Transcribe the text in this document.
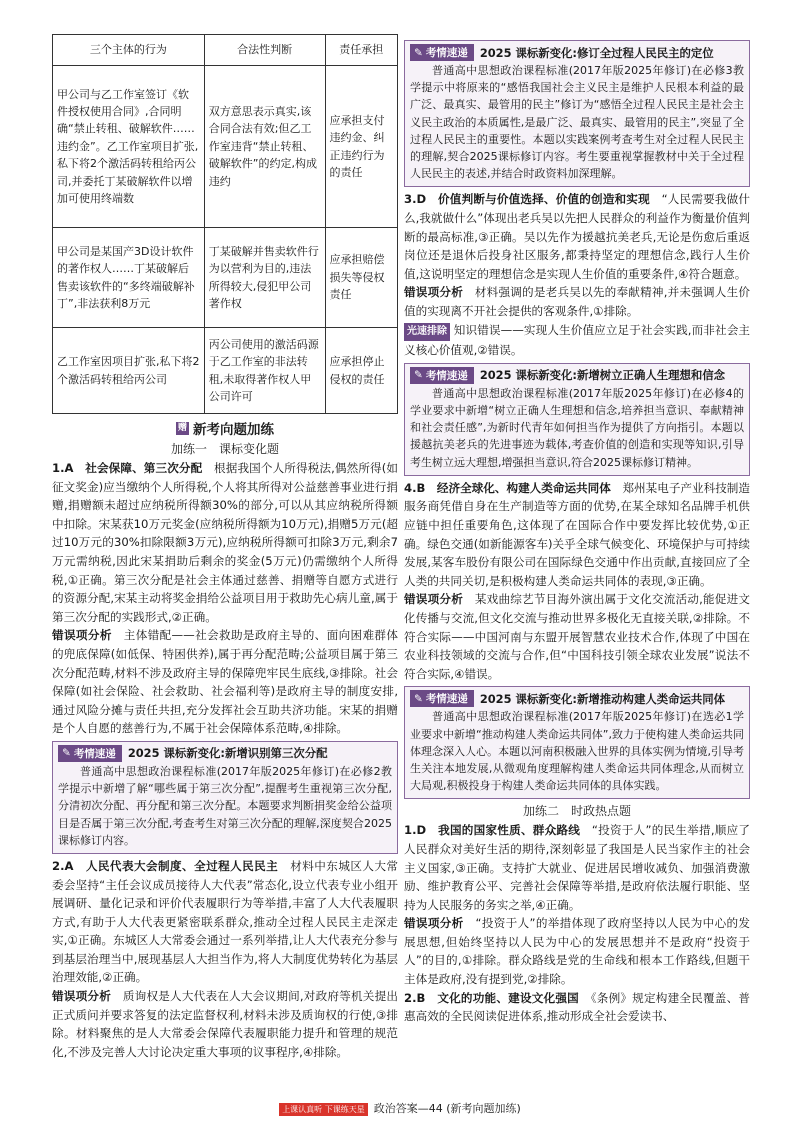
三个主体的行为	合法性判断	责任承担
甲公司与乙工作室签订《软件授权使用合同》,合同明确“禁止转租、破解软件……违约金”。乙工作室项目扩张,私下将2个激活码转租给丙公司,并委托丁某破解软件以增加可使用终端数	双方意思表示真实,该合同合法有效;但乙工作室违背“禁止转租、破解软件”的约定,构成违约	应承担支付违约金、纠正违约行为的责任
甲公司是某国产3D设计软件的著作权人……丁某破解后售卖该软件的“多终端破解补丁”,非法获利8万元	丁某破解并售卖软件行为以营利为目的,违法所得较大,侵犯甲公司著作权	应承担赔偿损失等侵权责任
乙工作室因项目扩张,私下将2个激活码转租给丙公司	丙公司使用的激活码源于乙工作室的非法转租,未取得著作权人甲公司许可	应承担停止侵权的责任
赠 新考向题加练
加练一　课标变化题

1.A　社会保障、第三次分配　根据我国个人所得税法,偶然所得(如征文奖金)应当缴纳个人所得税,个人将其所得对公益慈善事业进行捐赠,捐赠额未超过应纳税所得额30%的部分,可以从其应纳税所得额中扣除。宋某获10万元奖金(应纳税所得额为10万元),捐赠5万元(超过10万元的30%扣除限额3万元),应纳税所得额可扣除3万元,剩余7万元需纳税,因此宋某捐助后剩余的奖金(5万元)仍需缴纳个人所得税,①正确。第三次分配是社会主体通过慈善、捐赠等自愿方式进行的资源分配,宋某主动将奖金捐给公益项目用于救助先心病儿童,属于第三次分配的实践形式,②正确。

错误项分析　主体错配——社会救助是政府主导的、面向困难群体的兜底保障(如低保、特困供养),属于再分配范畴;公益项目属于第三次分配范畴,材料不涉及政府主导的保障兜牢民生底线,③排除。社会保障(如社会保险、社会救助、社会福利等)是政府主导的制度安排,通过风险分摊与责任共担,充分发挥社会互助共济功能。宋某的捐赠是个人自愿的慈善行为,不属于社会保障体系范畴,④排除。

✎ 考情速递 2025 课标新变化:新增识别第三次分配

普通高中思想政治课程标准(2017年版2025年修订)在必修2教学提示中新增了解“哪些属于第三次分配”,提醒考生重视第三次分配,分清初次分配、再分配和第三次分配。本题要求判断捐奖金给公益项目是否属于第三次分配,考查考生对第三次分配的理解,深度契合2025课标修订内容。

2.A　人民代表大会制度、全过程人民民主　材料中东城区人大常委会坚持“主任会议成员接待人大代表”常态化,设立代表专业小组开展调研、量化记录和评价代表履职行为等举措,丰富了人大代表履职方式,有助于人大代表更紧密联系群众,推动全过程人民民主走深走实,①正确。东城区人大常委会通过一系列举措,让人大代表充分参与到基层治理当中,展现基层人大担当作为,将人大制度优势转化为基层治理效能,②正确。

错误项分析　质询权是人大代表在人大会议期间,对政府等机关提出正式质问并要求答复的法定监督权利,材料未涉及质询权的行使,③排除。材料聚焦的是人大常委会保障代表履职能力提升和管理的规范化,不涉及完善人大讨论决定重大事项的议事程序,④排除。

✎ 考情速递 2025 课标新变化:修订全过程人民民主的定位

普通高中思想政治课程标准(2017年版2025年修订)在必修3教学提示中将原来的“感悟我国社会主义民主是维护人民根本利益的最广泛、最真实、最管用的民主”修订为“感悟全过程人民民主是社会主义民主政治的本质属性,是最广泛、最真实、最管用的民主”,突显了全过程人民民主的重要性。本题以实践案例考查考生对全过程人民民主的理解,契合2025课标修订内容。考生要重视掌握教材中关于全过程人民民主的表述,并结合时政资料加深理解。

3.D　价值判断与价值选择、价值的创造和实现　“人民需要我做什么,我就做什么”体现出老兵吴以先把人民群众的利益作为衡量价值判断的最高标准,③正确。吴以先作为援越抗美老兵,无论是伤愈后重返岗位还是退休后投身社区服务,都秉持坚定的理想信念,践行人生价值,这说明坚定的理想信念是实现人生价值的重要条件,④符合题意。

错误项分析　材料强调的是老兵吴以先的奉献精神,并未强调人生价值的实现离不开社会提供的客观条件,①排除。

光速排除 知识错误——实现人生价值应立足于社会实践,而非社会主义核心价值观,②错误。

✎ 考情速递 2025 课标新变化:新增树立正确人生理想和信念

普通高中思想政治课程标准(2017年版2025年修订)在必修4的学业要求中新增“树立正确人生理想和信念,培养担当意识、奉献精神和社会责任感”,为新时代青年如何担当作为提供了方向指引。本题以援越抗美老兵的先进事迹为载体,考查价值的创造和实现等知识,引导考生树立远大理想,增强担当意识,符合2025课标修订精神。

4.B　经济全球化、构建人类命运共同体　郑州某电子产业科技制造服务商凭借自身在生产制造等方面的优势,在某全球知名品牌手机供应链中担任重要角色,这体现了在国际合作中要发挥比较优势,①正确。绿色交通(如新能源客车)关乎全球气候变化、环境保护与可持续发展,某客车股份有限公司在国际绿色交通中作出贡献,直接回应了全人类的共同关切,是积极构建人类命运共同体的表现,③正确。

错误项分析　某戏曲综艺节目海外演出属于文化交流活动,能促进文化传播与交流,但文化交流与推动世界多极化无直接关联,②排除。不符合实际——中国河南与东盟开展智慧农业技术合作,体现了中国在农业科技领域的交流与合作,但“中国科技引领全球农业发展”说法不符合实际,④错误。

✎ 考情速递 2025 课标新变化:新增推动构建人类命运共同体

普通高中思想政治课程标准(2017年版2025年修订)在选必1学业要求中新增“推动构建人类命运共同体”,致力于使构建人类命运共同体理念深入人心。本题以河南积极融入世界的具体实例为情境,引导考生关注本地发展,从微观角度理解构建人类命运共同体理念,从而树立大局观,积极投身于构建人类命运共同体的具体实践。

加练二　时政热点题

1.D　我国的国家性质、群众路线　“投资于人”的民生举措,顺应了人民群众对美好生活的期待,深刻彰显了我国是人民当家作主的社会主义国家,③正确。支持扩大就业、促进居民增收减负、加强消费激励、维护教育公平、完善社会保障等举措,是政府依法履行职能、坚持为人民服务的务实之举,④正确。

错误项分析　“投资于人”的举措体现了政府坚持以人民为中心的发展思想,但始终坚持以人民为中心的发展思想并不是政府“投资于人”的目的,①排除。群众路线是党的生命线和根本工作路线,但题干主体是政府,没有提到党,②排除。

2.B　文化的功能、建设文化强国　《条例》规定构建全民覆盖、普惠高效的全民阅读促进体系,推动形成全社会爱读书、

上课认真听 下课练天星 政治答案—44 (新考向题加练)
